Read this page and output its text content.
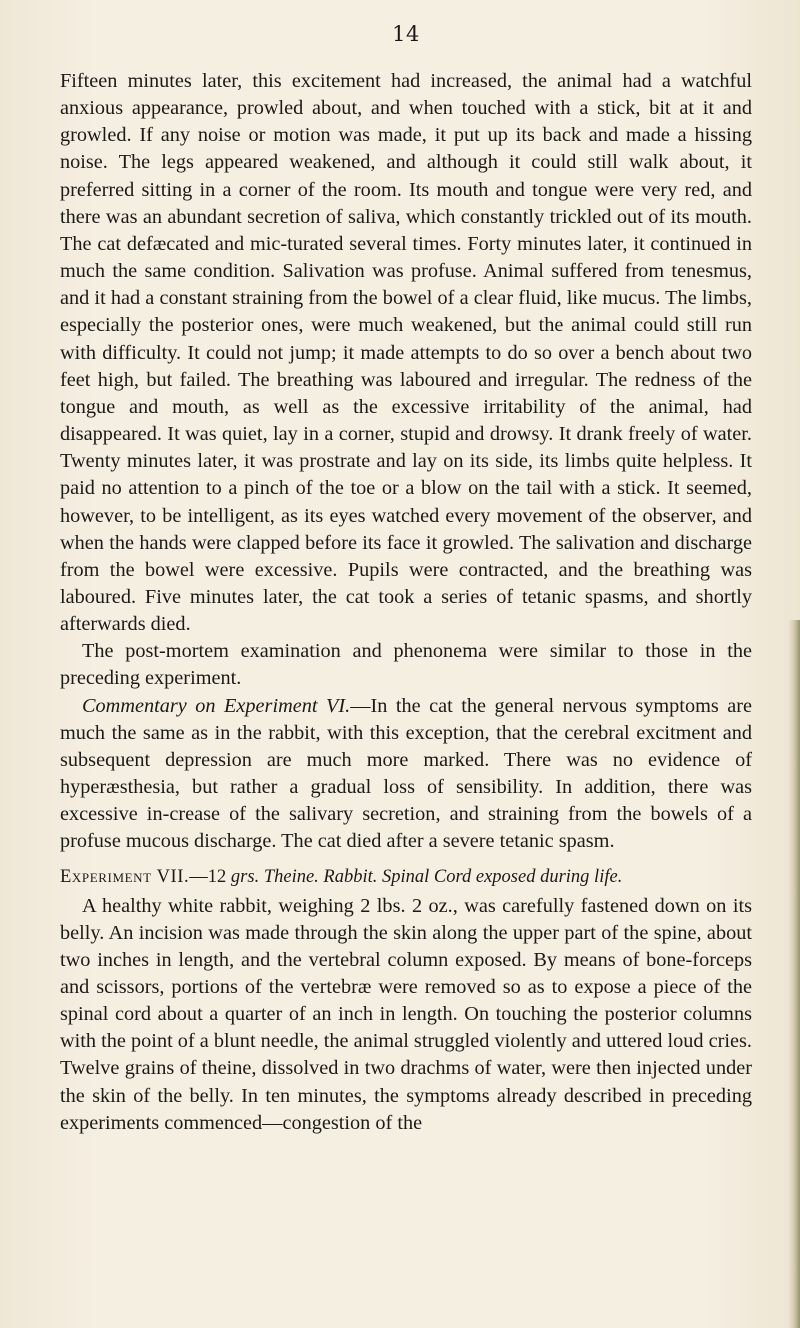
14

Fifteen minutes later, this excitement had increased, the animal had a watchful anxious appearance, prowled about, and when touched with a stick, bit at it and growled. If any noise or motion was made, it put up its back and made a hissing noise. The legs appeared weakened, and although it could still walk about, it preferred sitting in a corner of the room. Its mouth and tongue were very red, and there was an abundant secretion of saliva, which constantly trickled out of its mouth. The cat defæcated and mic-turated several times. Forty minutes later, it continued in much the same condition. Salivation was profuse. Animal suffered from tenesmus, and it had a constant straining from the bowel of a clear fluid, like mucus. The limbs, especially the posterior ones, were much weakened, but the animal could still run with difficulty. It could not jump; it made attempts to do so over a bench about two feet high, but failed. The breathing was laboured and irregular. The redness of the tongue and mouth, as well as the excessive irritability of the animal, had disappeared. It was quiet, lay in a corner, stupid and drowsy. It drank freely of water. Twenty minutes later, it was prostrate and lay on its side, its limbs quite helpless. It paid no attention to a pinch of the toe or a blow on the tail with a stick. It seemed, however, to be intelligent, as its eyes watched every movement of the observer, and when the hands were clapped before its face it growled. The salivation and discharge from the bowel were excessive. Pupils were contracted, and the breathing was laboured. Five minutes later, the cat took a series of tetanic spasms, and shortly afterwards died.

The post-mortem examination and phenonema were similar to those in the preceding experiment.

Commentary on Experiment VI.—In the cat the general nervous symptoms are much the same as in the rabbit, with this exception, that the cerebral excitment and subsequent depression are much more marked. There was no evidence of hyperæsthesia, but rather a gradual loss of sensibility. In addition, there was excessive in-crease of the salivary secretion, and straining from the bowels of a profuse mucous discharge. The cat died after a severe tetanic spasm.

Experiment VII.—12 grs. Theine. Rabbit. Spinal Cord exposed during life.

A healthy white rabbit, weighing 2 lbs. 2 oz., was carefully fastened down on its belly. An incision was made through the skin along the upper part of the spine, about two inches in length, and the vertebral column exposed. By means of bone-forceps and scissors, portions of the vertebræ were removed so as to expose a piece of the spinal cord about a quarter of an inch in length. On touching the posterior columns with the point of a blunt needle, the animal struggled violently and uttered loud cries. Twelve grains of theine, dissolved in two drachms of water, were then injected under the skin of the belly. In ten minutes, the symptoms already described in preceding experiments commenced—congestion of the
